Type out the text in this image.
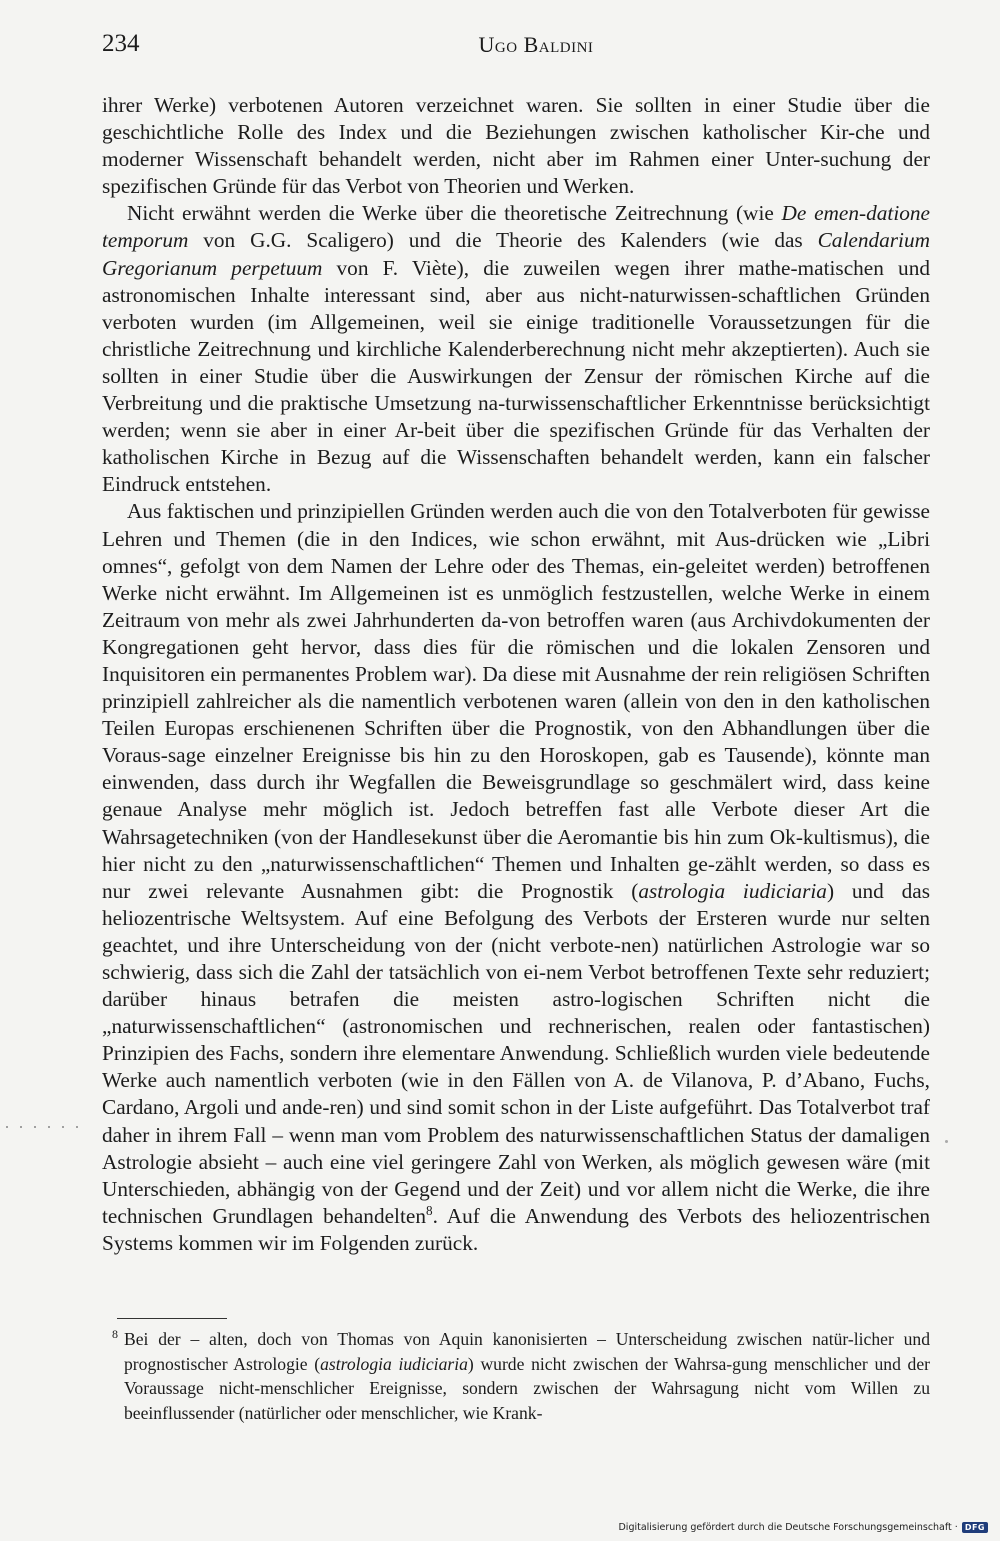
234	Ugo Baldini

ihrer Werke) verbotenen Autoren verzeichnet waren. Sie sollten in einer Studie über die geschichtliche Rolle des Index und die Beziehungen zwischen katholischer Kir-che und moderner Wissenschaft behandelt werden, nicht aber im Rahmen einer Unter-suchung der spezifischen Gründe für das Verbot von Theorien und Werken.

Nicht erwähnt werden die Werke über die theoretische Zeitrechnung (wie De emen-datione temporum von G.G. Scaligero) und die Theorie des Kalenders (wie das Calendarium Gregorianum perpetuum von F. Viète), die zuweilen wegen ihrer mathe-matischen und astronomischen Inhalte interessant sind, aber aus nicht-naturwissen-schaftlichen Gründen verboten wurden (im Allgemeinen, weil sie einige traditionelle Voraussetzungen für die christliche Zeitrechnung und kirchliche Kalenderberechnung nicht mehr akzeptierten). Auch sie sollten in einer Studie über die Auswirkungen der Zensur der römischen Kirche auf die Verbreitung und die praktische Umsetzung na-turwissenschaftlicher Erkenntnisse berücksichtigt werden; wenn sie aber in einer Ar-beit über die spezifischen Gründe für das Verhalten der katholischen Kirche in Bezug auf die Wissenschaften behandelt werden, kann ein falscher Eindruck entstehen.

Aus faktischen und prinzipiellen Gründen werden auch die von den Totalverboten für gewisse Lehren und Themen (die in den Indices, wie schon erwähnt, mit Aus-drücken wie „Libri omnes“, gefolgt von dem Namen der Lehre oder des Themas, ein-geleitet werden) betroffenen Werke nicht erwähnt. Im Allgemeinen ist es unmöglich festzustellen, welche Werke in einem Zeitraum von mehr als zwei Jahrhunderten da-von betroffen waren (aus Archivdokumenten der Kongregationen geht hervor, dass dies für die römischen und die lokalen Zensoren und Inquisitoren ein permanentes Problem war). Da diese mit Ausnahme der rein religiösen Schriften prinzipiell zahlreicher als die namentlich verbotenen waren (allein von den in den katholischen Teilen Europas erschienenen Schriften über die Prognostik, von den Abhandlungen über die Voraus-sage einzelner Ereignisse bis hin zu den Horoskopen, gab es Tausende), könnte man einwenden, dass durch ihr Wegfallen die Beweisgrundlage so geschmälert wird, dass keine genaue Analyse mehr möglich ist. Jedoch betreffen fast alle Verbote dieser Art die Wahrsagetechniken (von der Handlesekunst über die Aeromantie bis hin zum Ok-kultismus), die hier nicht zu den „naturwissenschaftlichen“ Themen und Inhalten ge-zählt werden, so dass es nur zwei relevante Ausnahmen gibt: die Prognostik (astrologia iudiciaria) und das heliozentrische Weltsystem. Auf eine Befolgung des Verbots der Ersteren wurde nur selten geachtet, und ihre Unterscheidung von der (nicht verbote-nen) natürlichen Astrologie war so schwierig, dass sich die Zahl der tatsächlich von ei-nem Verbot betroffenen Texte sehr reduziert; darüber hinaus betrafen die meisten astro-logischen Schriften nicht die „naturwissenschaftlichen“ (astronomischen und rechnerischen, realen oder fantastischen) Prinzipien des Fachs, sondern ihre elementare Anwendung. Schließlich wurden viele bedeutende Werke auch namentlich verboten (wie in den Fällen von A. de Vilanova, P. d’Abano, Fuchs, Cardano, Argoli und ande-ren) und sind somit schon in der Liste aufgeführt. Das Totalverbot traf daher in ihrem Fall – wenn man vom Problem des naturwissenschaftlichen Status der damaligen Astrologie absieht – auch eine viel geringere Zahl von Werken, als möglich gewesen wäre (mit Unterschieden, abhängig von der Gegend und der Zeit) und vor allem nicht die Werke, die ihre technischen Grundlagen behandelten$^8$. Auf die Anwendung des Verbots des heliozentrischen Systems kommen wir im Folgenden zurück.

8 Bei der – alten, doch von Thomas von Aquin kanonisierten – Unterscheidung zwischen natür-licher und prognostischer Astrologie (astrologia iudiciaria) wurde nicht zwischen der Wahrsa-gung menschlicher und der Voraussage nicht-menschlicher Ereignisse, sondern zwischen der Wahrsagung nicht vom Willen zu beeinflussender (natürlicher oder menschlicher, wie Krank-
Digitalisierung gefördert durch die Deutsche Forschungsgemeinschaft · DFG
